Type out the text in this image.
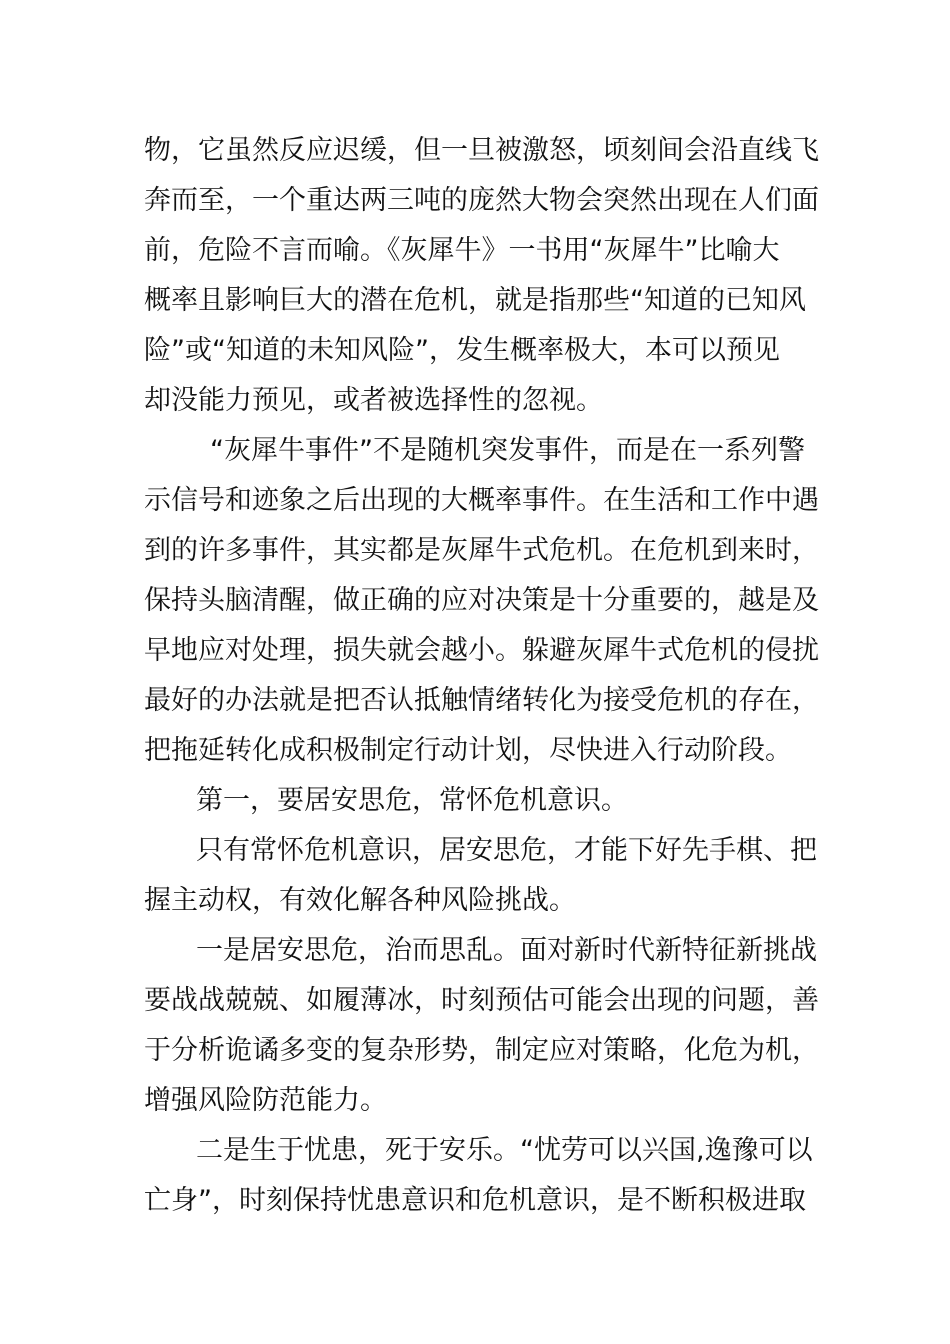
物，它虽然反应迟缓，但一旦被激怒，顷刻间会沿直线飞
奔而至，一个重达两三吨的庞然大物会突然出现在人们面
前，危险不言而喻。《灰犀牛》一书用“灰犀牛”比喻大
概率且影响巨大的潜在危机，就是指那些“知道的已知风
险”或“知道的未知风险”，发生概率极大，本可以预见
却没能力预见，或者被选择性的忽视。
“灰犀牛事件”不是随机突发事件，而是在一系列警
示信号和迹象之后出现的大概率事件。在生活和工作中遇
到的许多事件，其实都是灰犀牛式危机。在危机到来时，
保持头脑清醒，做正确的应对决策是十分重要的，越是及
早地应对处理，损失就会越小。躲避灰犀牛式危机的侵扰
最好的办法就是把否认抵触情绪转化为接受危机的存在，
把拖延转化成积极制定行动计划，尽快进入行动阶段。
第一，要居安思危，常怀危机意识。
只有常怀危机意识，居安思危，才能下好先手棋、把
握主动权，有效化解各种风险挑战。
一是居安思危，治而思乱。面对新时代新特征新挑战
要战战兢兢、如履薄冰，时刻预估可能会出现的问题，善
于分析诡谲多变的复杂形势，制定应对策略，化危为机，
增强风险防范能力。
二是生于忧患，死于安乐。“忧劳可以兴国,逸豫可以
亡身”，时刻保持忧患意识和危机意识，是不断积极进取
